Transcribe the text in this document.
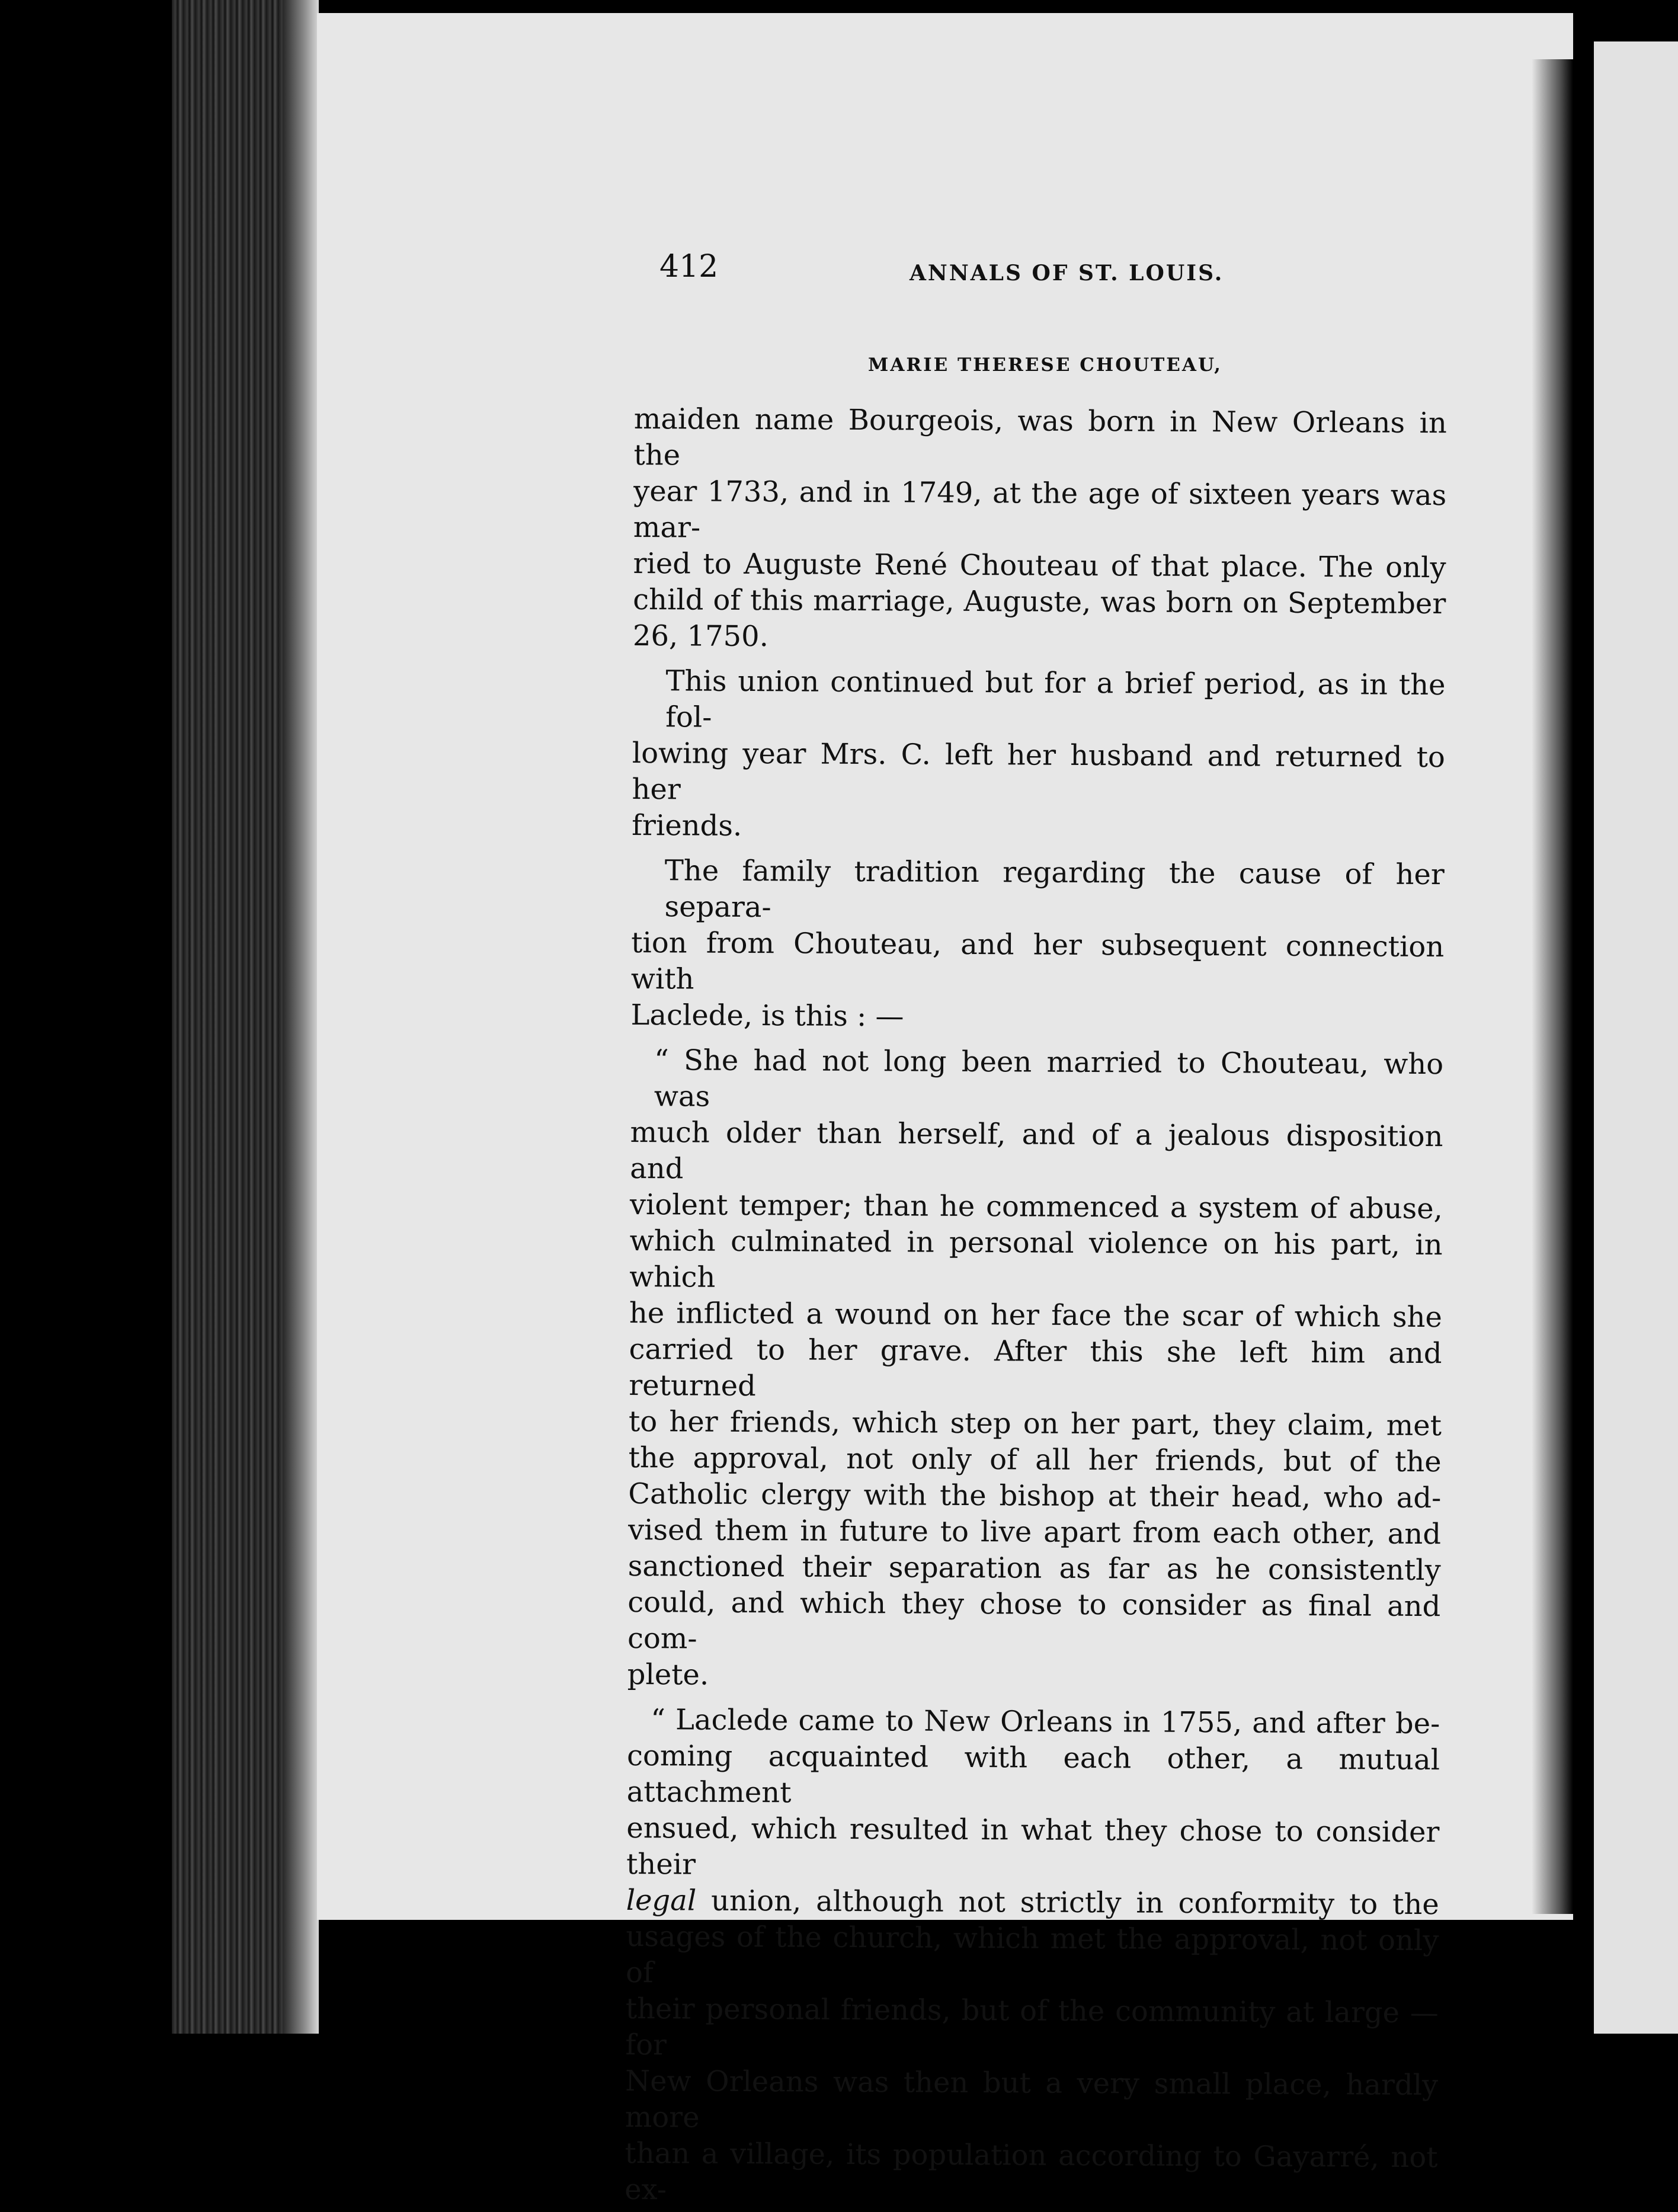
412	ANNALS OF ST. LOUIS.
MARIE THERESE CHOUTEAU,
maiden name Bourgeois, was born in New Orleans in the
year 1733, and in 1749, at the age of sixteen years was mar-
ried to Auguste René Chouteau of that place. The only
child of this marriage, Auguste, was born on September
26, 1750.
This union continued but for a brief period, as in the fol-
lowing year Mrs. C. left her husband and returned to her
friends.
The family tradition regarding the cause of her separa-
tion from Chouteau, and her subsequent connection with
Laclede, is this : —
“ She had not long been married to Chouteau, who was
much older than herself, and of a jealous disposition and
violent temper; than he commenced a system of abuse,
which culminated in personal violence on his part, in which
he inflicted a wound on her face the scar of which she
carried to her grave. After this she left him and returned
to her friends, which step on her part, they claim, met
the approval, not only of all her friends, but of the
Catholic clergy with the bishop at their head, who ad-
vised them in future to live apart from each other, and
sanctioned their separation as far as he consistently
could, and which they chose to consider as final and com-
plete.
“ Laclede came to New Orleans in 1755, and after be-
coming acquainted with each other, a mutual attachment
ensued, which resulted in what they chose to consider their
legal union, although not strictly in conformity to the
usages of the church, which met the approval, not only of
their personal friends, but of the community at large — for
New Orleans was then but a very small place, hardly more
than a village, its population according to Gayarré, not ex-
